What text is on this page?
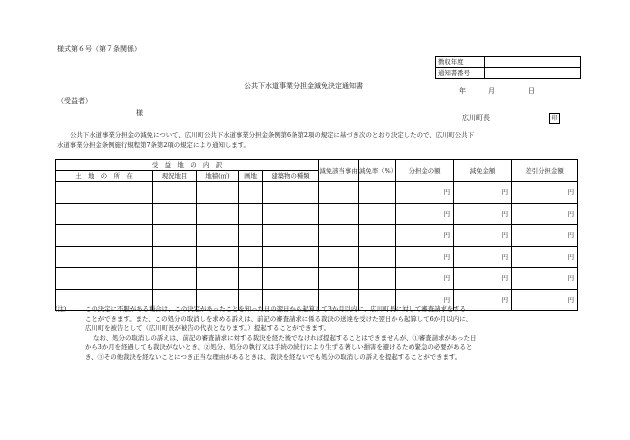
様式第６号（第７条関係）
徴収年度
通知書番号
公共下水道事業分担金減免決定通知書
年	月	日
（受益者）
様
広川町長	印
公共下水道事業分担金の減免について、広川町公共下水道事業分担金条例第6条第2項の規定に基づき次のとおり決定したので、広川町公共下
水道事業分担金条例施行規程第7条第2項の規定により通知します。
受　益　地　の　内　訳					減免該当事由	減免率（%）	分担金の額	減免金額	差引分担金額
土　地　の　所　在	現況地目	地積(㎡)	画地	建築物の種類					
							円	円	円
							円	円	円
							円	円	円
							円	円	円
							円	円	円
							円	円	円
(注)	この決定に不服がある場合は、この決定があったことを知った日の翌日から起算して3か月以内に、広川町長に対して審査請求をする
ことができます。また、この処分の取消しを求める訴えは、前記の審査請求に係る裁決の送達を受けた翌日から起算して6か月以内に、
広川町を被告として（広川町長が被告の代表となります。）提起することができます。
なお、処分の取消しの訴えは、前記の審査請求に対する裁決を経た後でなければ提起することはできませんが、①審査請求があった日
から3か月を経過しても裁決がないとき、②処分、処分の執行又は手続の続行により生ずる著しい損害を避けるため緊急の必要があると
き、③その他裁決を経ないことにつき正当な理由があるときは、裁決を経ないでも処分の取消しの訴えを提起することができます。
